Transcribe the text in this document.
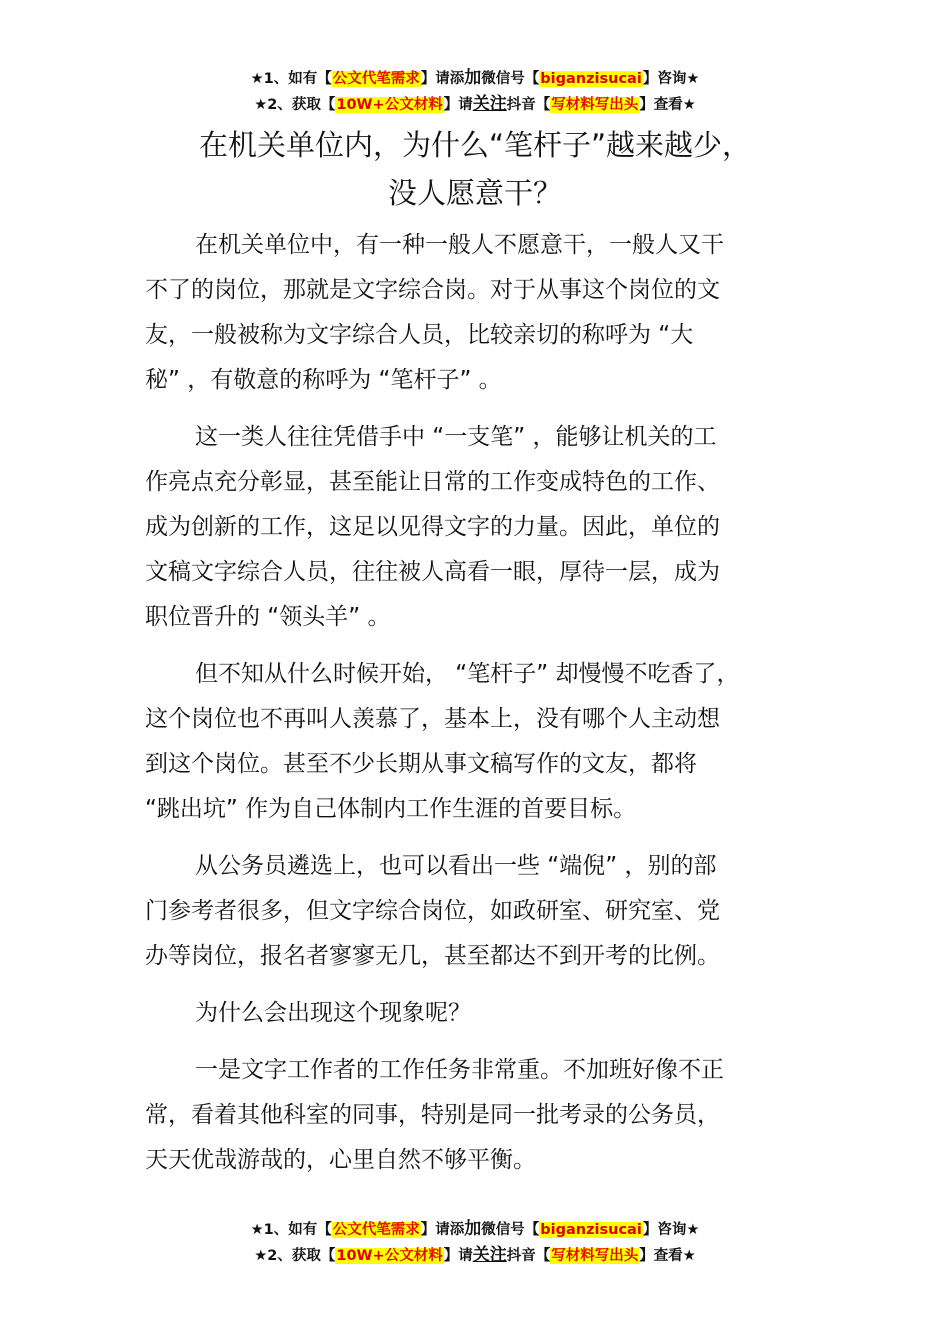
★1、如有【公文代笔需求】请添加微信号【biganzisucai】咨询★
★2、获取【10W+公文材料】请关注抖音【写材料写出头】查看★
在机关单位内，为什么“笔杆子”越来越少，
没人愿意干？
在机关单位中，有一种一般人不愿意干，一般人又干
不了的岗位，那就是文字综合岗。对于从事这个岗位的文
友，一般被称为文字综合人员，比较亲切的称呼为 “大
秘” ，有敬意的称呼为 “笔杆子” 。
这一类人往往凭借手中 “一支笔” ，能够让机关的工
作亮点充分彰显，甚至能让日常的工作变成特色的工作、
成为创新的工作，这足以见得文字的力量。因此，单位的
文稿文字综合人员，往往被人高看一眼，厚待一层，成为
职位晋升的 “领头羊” 。
但不知从什么时候开始， “笔杆子” 却慢慢不吃香了，
这个岗位也不再叫人羡慕了，基本上，没有哪个人主动想
到这个岗位。甚至不少长期从事文稿写作的文友，都将
“跳出坑” 作为自己体制内工作生涯的首要目标。
从公务员遴选上，也可以看出一些 “端倪” ，别的部
门参考者很多，但文字综合岗位，如政研室、研究室、党
办等岗位，报名者寥寥无几，甚至都达不到开考的比例。
为什么会出现这个现象呢？
一是文字工作者的工作任务非常重。不加班好像不正
常，看着其他科室的同事，特别是同一批考录的公务员，
天天优哉游哉的，心里自然不够平衡。
★1、如有【公文代笔需求】请添加微信号【biganzisucai】咨询★
★2、获取【10W+公文材料】请关注抖音【写材料写出头】查看★
